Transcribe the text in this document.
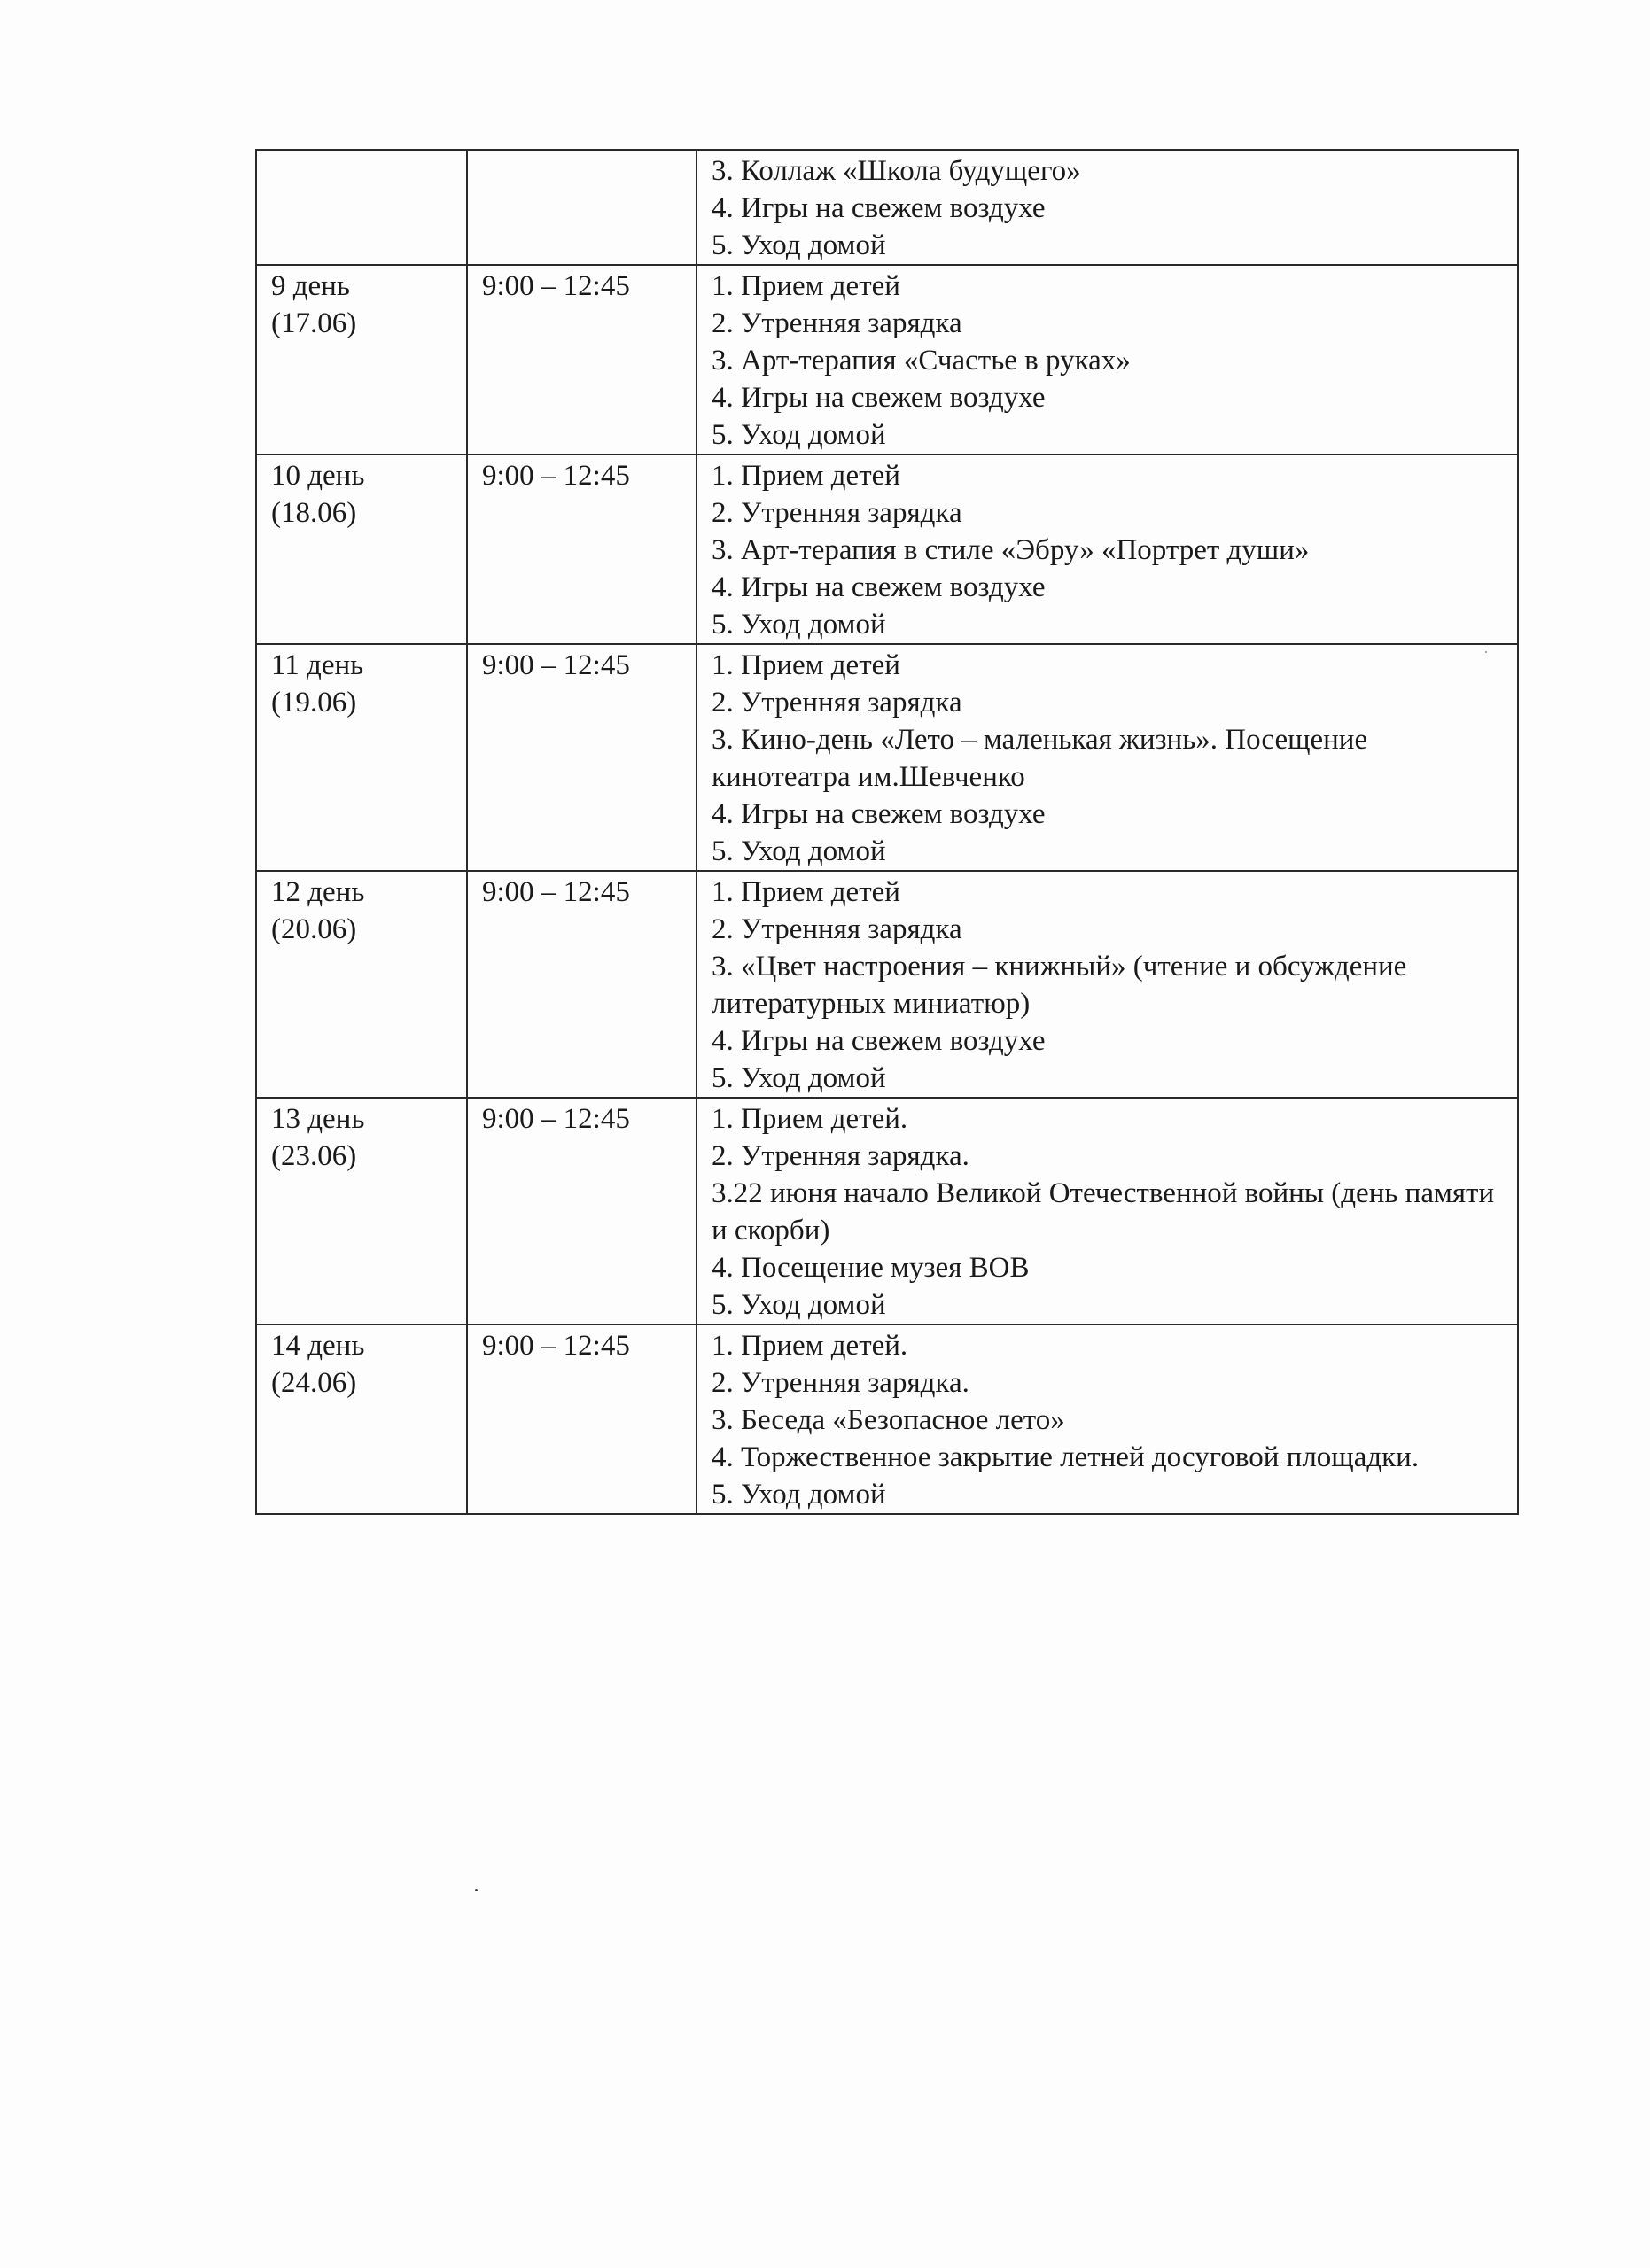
		3. Коллаж «Школа будущего»
4. Игры на свежем воздухе
5. Уход домой

9 день
(17.06)	9:00 – 12:45	1. Прием детей
2. Утренняя зарядка
3. Арт-терапия «Счастье в руках»
4. Игры на свежем воздухе
5. Уход домой

10 день
(18.06)	9:00 – 12:45	1. Прием детей
2. Утренняя зарядка
3. Арт-терапия в стиле «Эбру» «Портрет души»
4. Игры на свежем воздухе
5. Уход домой

11 день
(19.06)	9:00 – 12:45	1. Прием детей
2. Утренняя зарядка
3. Кино-день «Лето – маленькая жизнь». Посещение кинотеатра им.Шевченко
4. Игры на свежем воздухе
5. Уход домой

12 день
(20.06)	9:00 – 12:45	1. Прием детей
2. Утренняя зарядка
3. «Цвет настроения – книжный» (чтение и обсуждение литературных миниатюр)
4. Игры на свежем воздухе
5. Уход домой

13 день
(23.06)	9:00 – 12:45	1. Прием детей.
2. Утренняя зарядка.
3.22 июня начало Великой Отечественной войны (день памяти и скорби)
4. Посещение музея ВОВ
5. Уход домой

14 день
(24.06)	9:00 – 12:45	1. Прием детей.
2. Утренняя зарядка.
3. Беседа «Безопасное лето»
4. Торжественное закрытие летней досуговой площадки.
5. Уход домой
